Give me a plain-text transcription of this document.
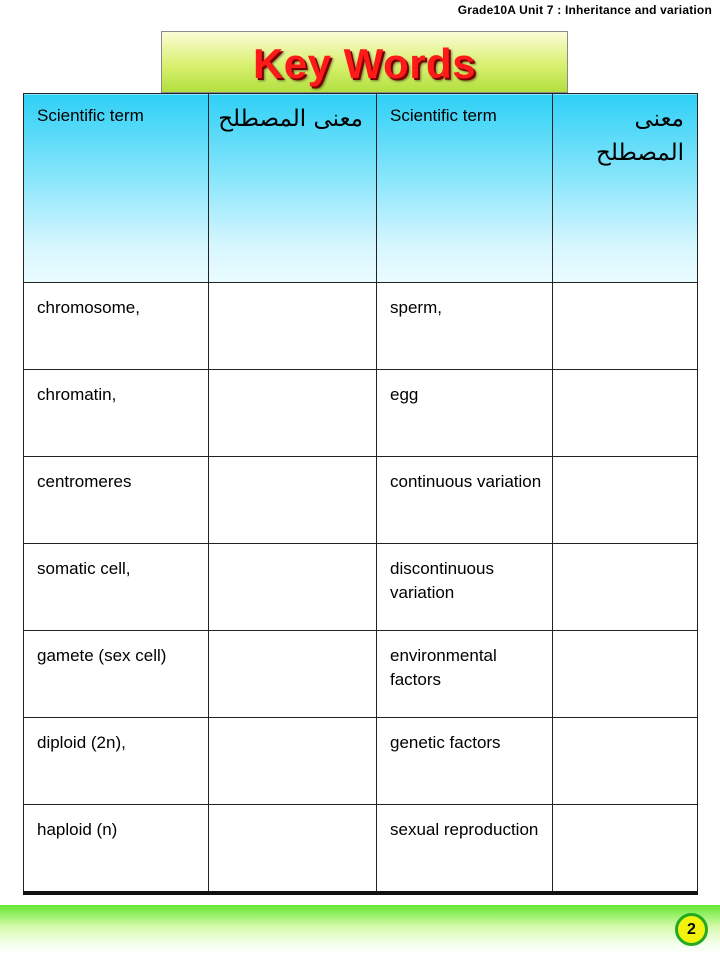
Grade10A Unit 7 : Inheritance and variation
Key Words
Scientific term	معنى المصطلح	Scientific term	معنى المصطلح

chromosome,		sperm,	

chromatin,		egg	

centromeres		continuous variation	

somatic cell,		discontinuous variation	

gamete (sex cell)		environmental factors	

diploid (2n),		genetic factors	

haploid (n)		sexual reproduction	

2
